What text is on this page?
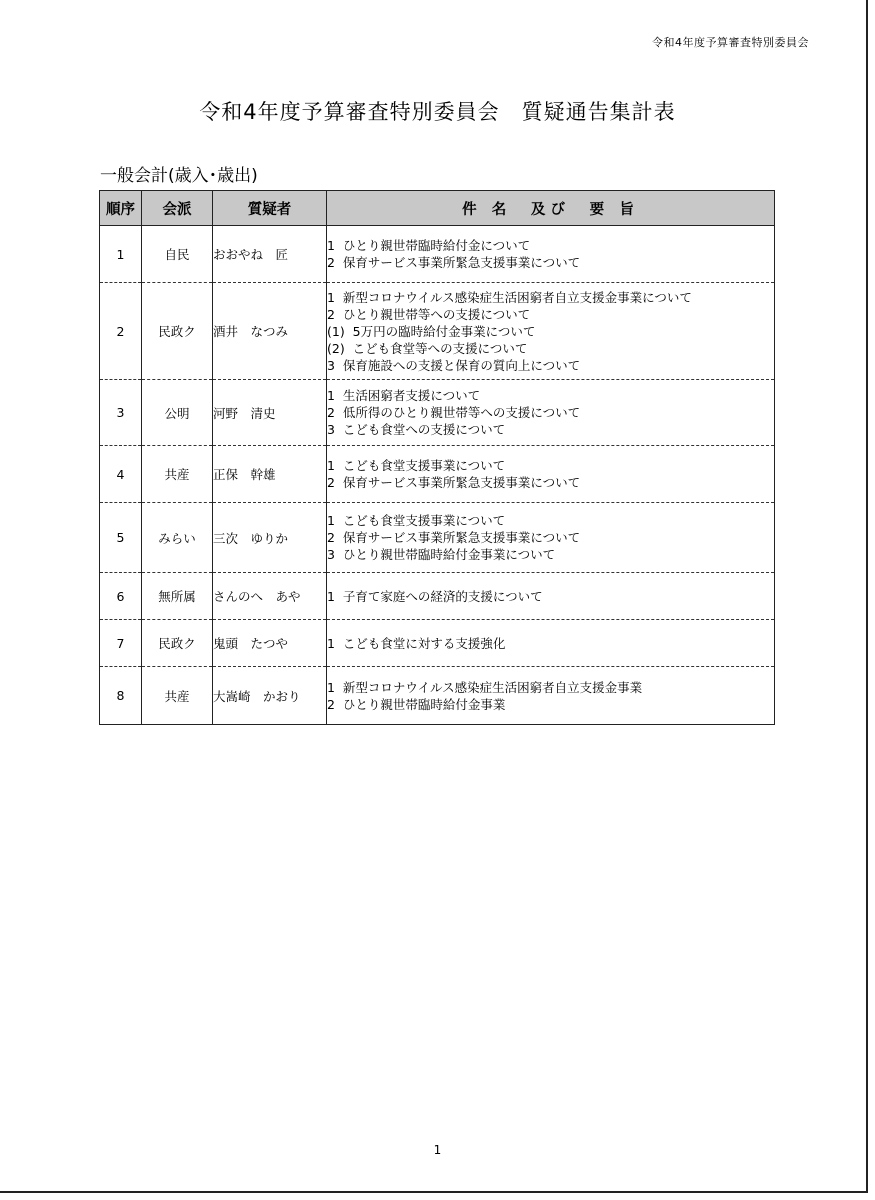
令和4年度予算審査特別委員会
令和4年度予算審査特別委員会　質疑通告集計表
一般会計(歳入･歳出)
順序	会派	質疑者	件 名　及び　要 旨
1	自民	おおやね　匠	1  ひとり親世帯臨時給付金について
2  保育サービス事業所緊急支援事業について

2	民政ク	酒井　なつみ	1  新型コロナウイルス感染症生活困窮者自立支援金事業について
2  ひとり親世帯等への支援について
(1)  5万円の臨時給付金事業について
(2)  こども食堂等への支援について
3  保育施設への支援と保育の質向上について

3	公明	河野　清史	1  生活困窮者支援について
2  低所得のひとり親世帯等への支援について
3  こども食堂への支援について

4	共産	正保　幹雄	1  こども食堂支援事業について
2  保育サービス事業所緊急支援事業について

5	みらい	三次　ゆりか	1  こども食堂支援事業について
2  保育サービス事業所緊急支援事業について
3  ひとり親世帯臨時給付金事業について

6	無所属	さんのへ　あや	1  子育て家庭への経済的支援について

7	民政ク	鬼頭　たつや	1  こども食堂に対する支援強化

8	共産	大嵩崎　かおり	1  新型コロナウイルス感染症生活困窮者自立支援金事業
2  ひとり親世帯臨時給付金事業
1
